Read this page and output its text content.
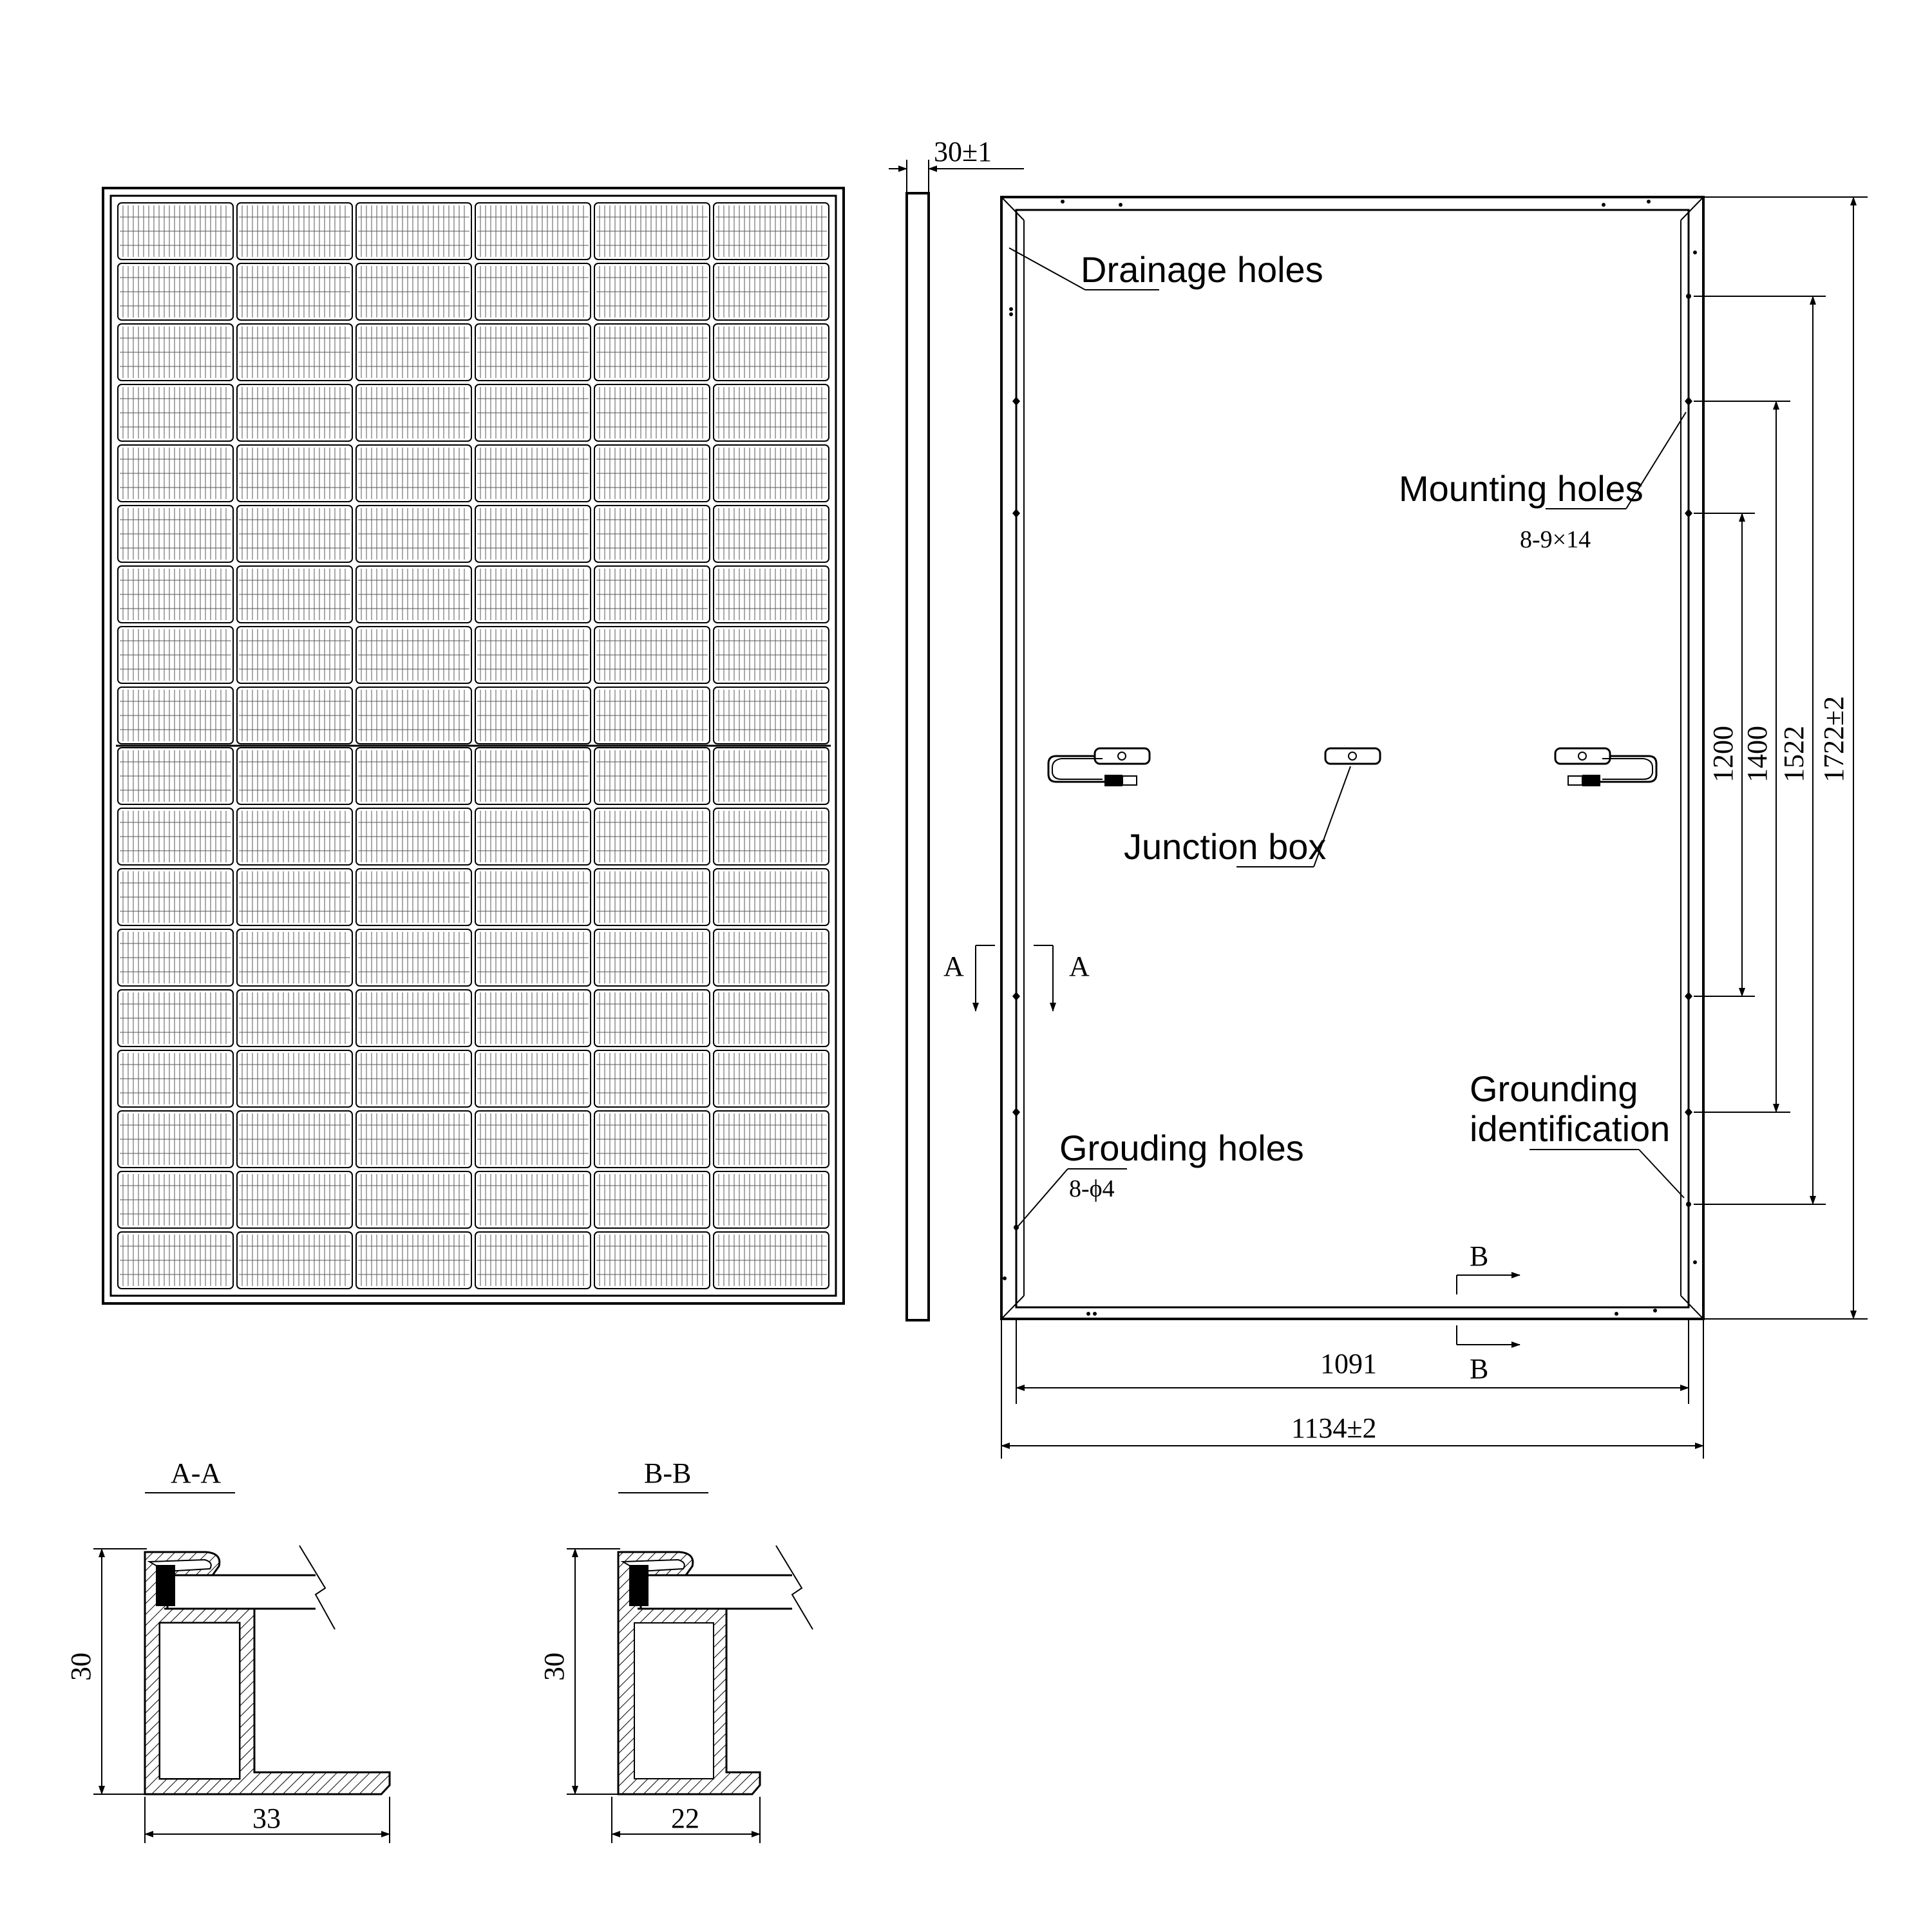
30±1
Drainage holes
Mounting holes
8-9×14
Junction box
Grouding holes
8-ϕ4
Grounding
identification
A	A
B
B
1091
1134±2
1200 1400 1522 1722±2
A-A
30
33
B-B
30
22
